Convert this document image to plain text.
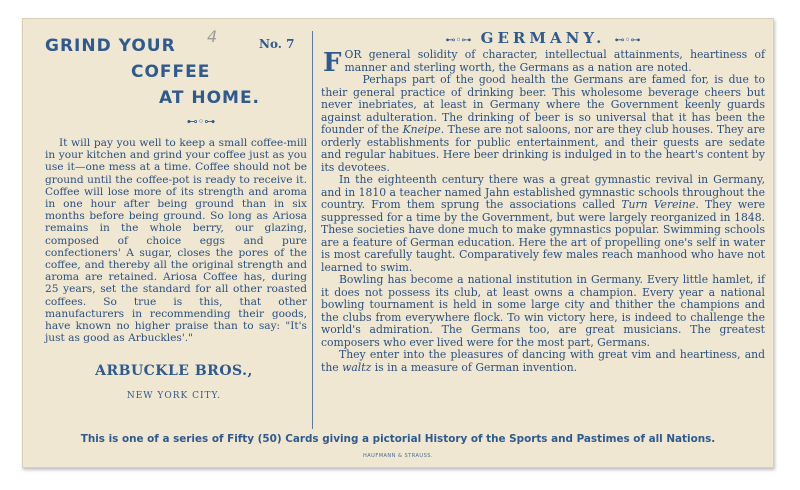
4
GRIND YOUR
COFFEE
AT HOME.
No. 7
⊷◦⊶
It will pay you well to keep a small coffee-mill in your kitchen and grind your coffee just as you use it—one mess at a time. Coffee should not be ground until the coffee-pot is ready to receive it. Coffee will lose more of its strength and aroma in one hour after being ground than in six months before being ground. So long as Ariosa remains in the whole berry, our glazing, composed of choice eggs and pure confectioners' A sugar, closes the pores of the coffee, and thereby all the original strength and aroma are retained. Ariosa Coffee has, during 25 years, set the standard for all other roasted coffees. So true is this, that other manufacturers in recommending their goods, have known no higher praise than to say: "It's just as good as Arbuckles'."
ARBUCKLE BROS.,
NEW YORK CITY.
⊷◦⊶ GERMANY. ⊷◦⊶

FOR general solidity of character, intellectual attainments, heartiness of manner and sterling worth, the Germans as a nation are noted.

Perhaps part of the good health the Germans are famed for, is due to their general practice of drinking beer. This wholesome beverage cheers but never inebriates, at least in Germany where the Government keenly guards against adulteration. The drinking of beer is so universal that it has been the founder of the Kneipe. These are not saloons, nor are they club houses. They are orderly establishments for public entertainment, and their guests are sedate and regular habitues. Here beer drinking is indulged in to the heart's content by its devotees.

In the eighteenth century there was a great gymnastic revival in Germany, and in 1810 a teacher named Jahn established gymnastic schools throughout the country. From them sprung the associations called Turn Vereine. They were suppressed for a time by the Government, but were largely reorganized in 1848. These societies have done much to make gymnastics popular. Swimming schools are a feature of German education. Here the art of propelling one's self in water is most carefully taught. Comparatively few males reach manhood who have not learned to swim.

Bowling has become a national institution in Germany. Every little hamlet, if it does not possess its club, at least owns a champion. Every year a national bowling tournament is held in some large city and thither the champions and the clubs from everywhere flock. To win victory here, is indeed to challenge the world's admiration. The Germans too, are great musicians. The greatest composers who ever lived were for the most part, Germans.

They enter into the pleasures of dancing with great vim and heartiness, and the waltz is in a measure of German invention.

This is one of a series of Fifty (50) Cards giving a pictorial History of the Sports and Pastimes of all Nations.
HAUFMANN & STRAUSS.
